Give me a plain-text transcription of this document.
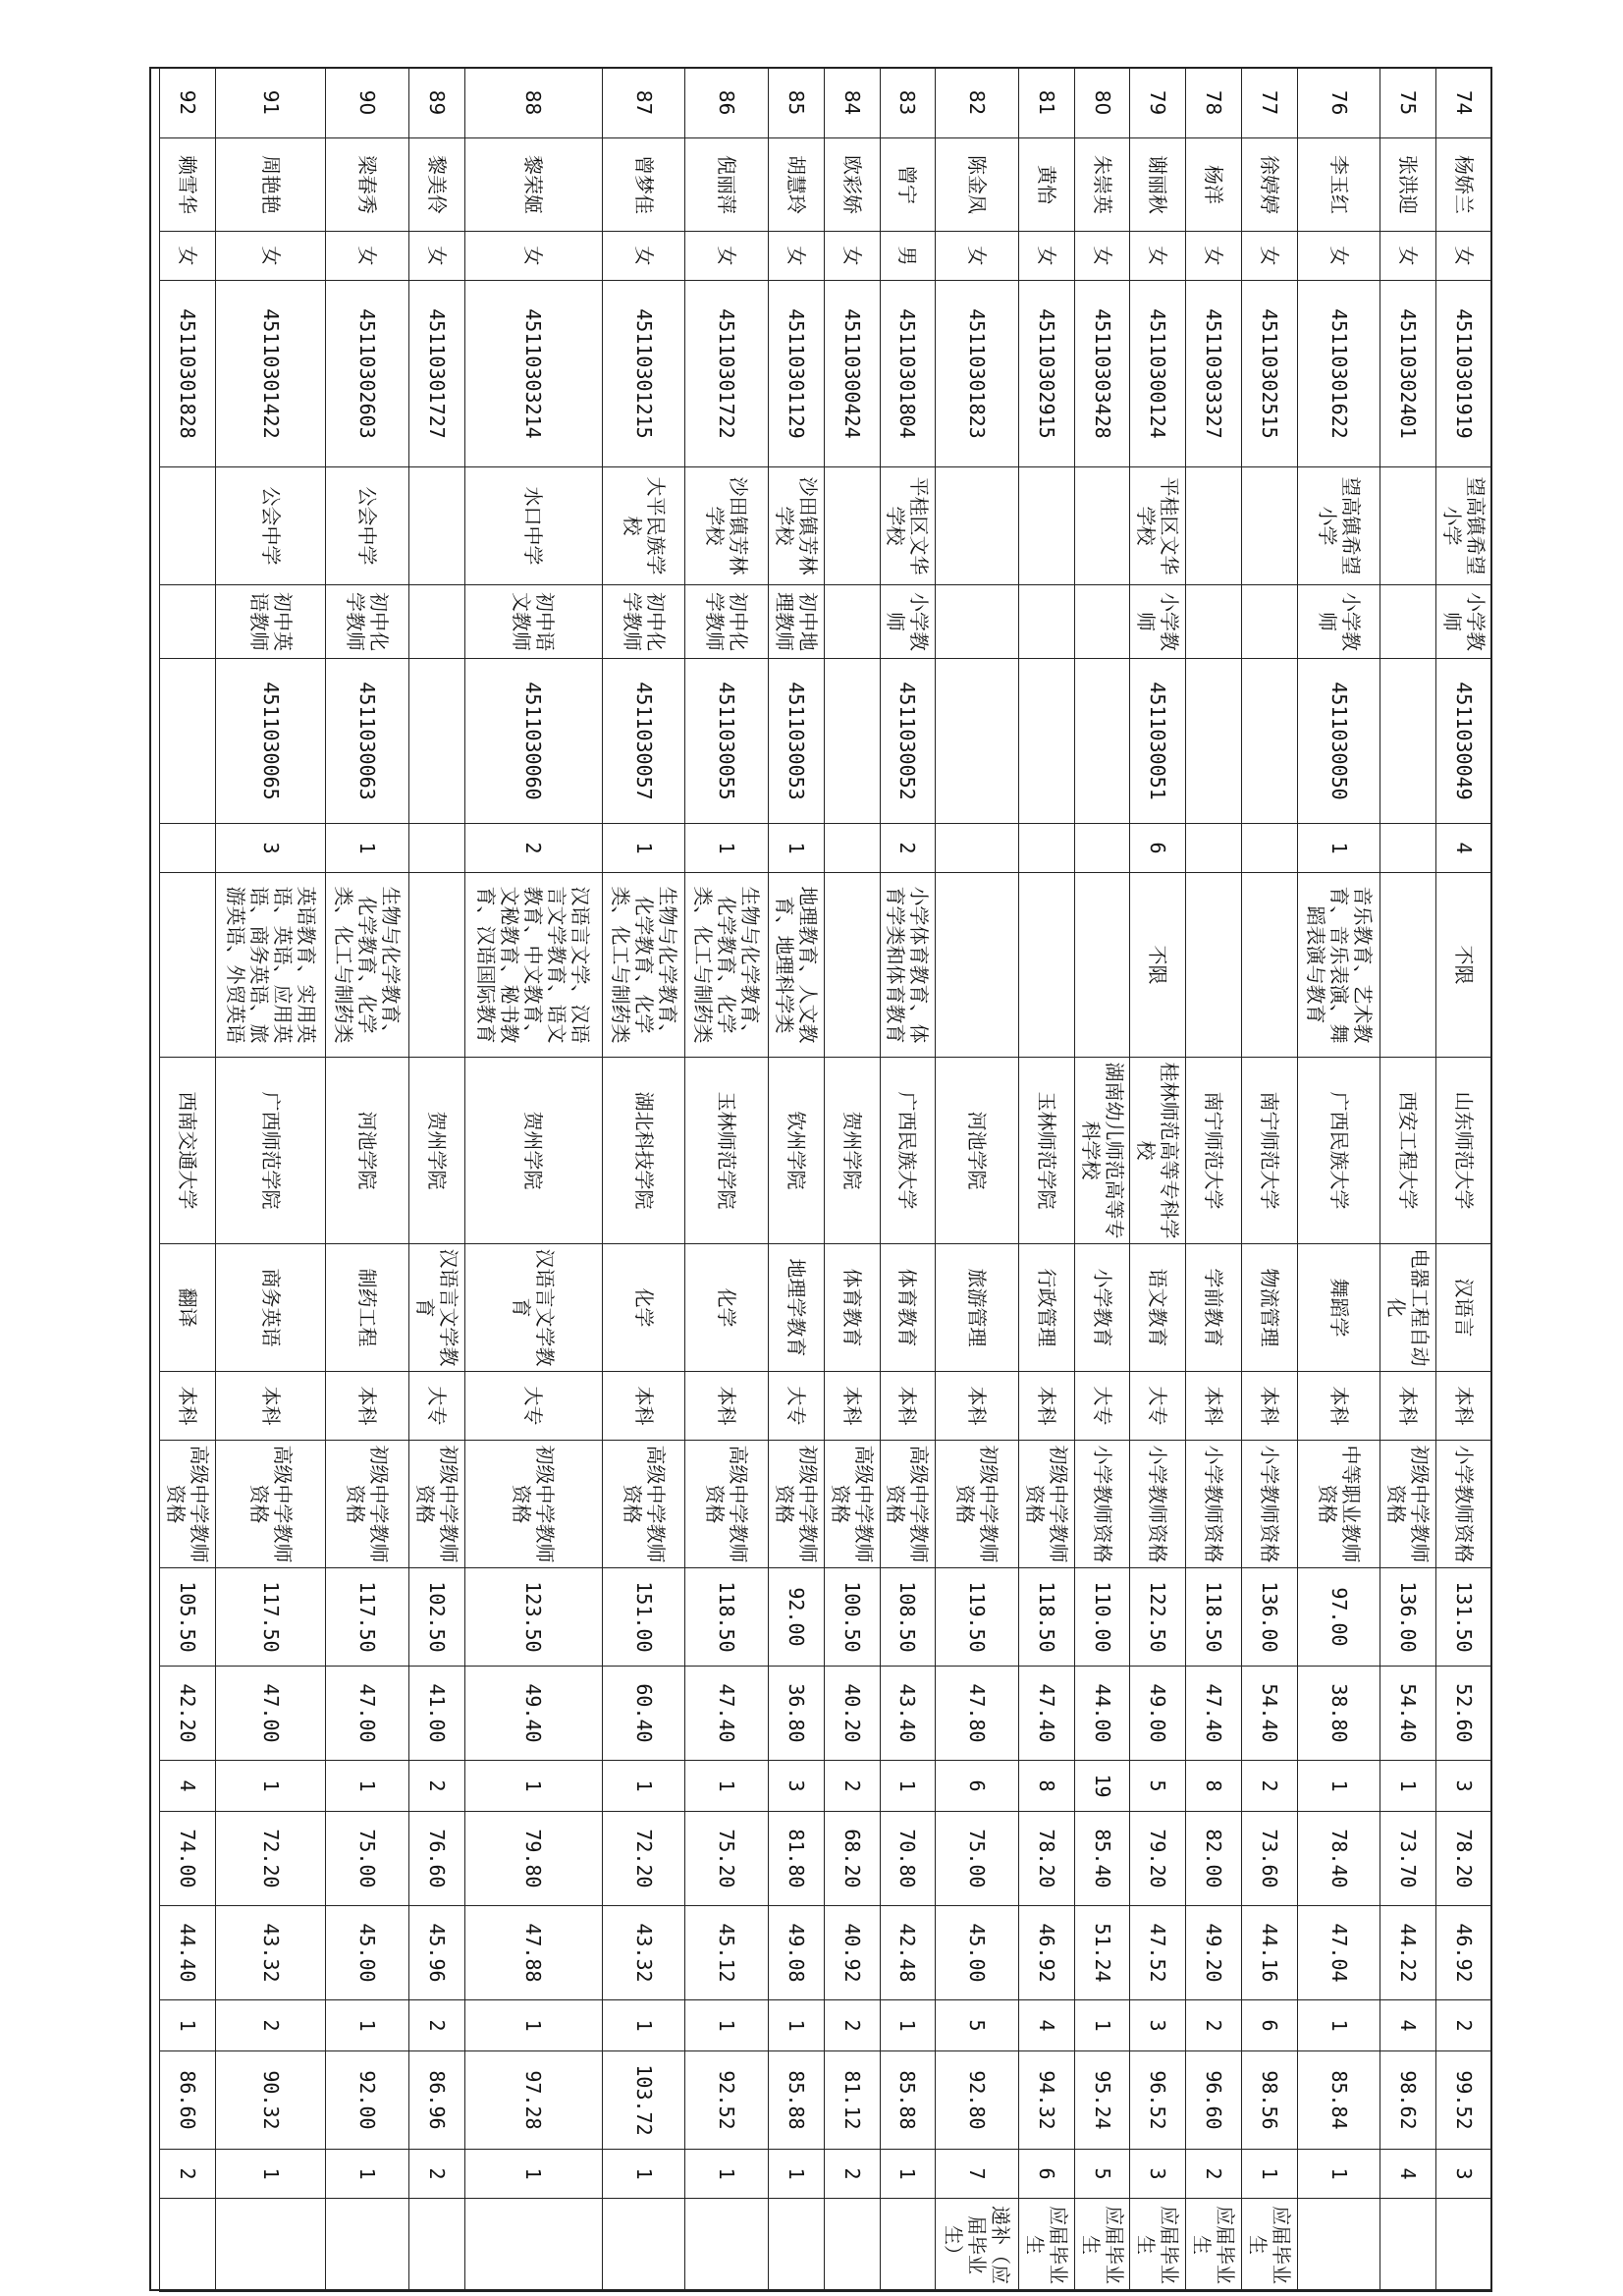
74	杨娇兰	女	45110301919	望高镇希望小学	小学教师	4511030049	4	不限	山东师范大学	汉语言	本科	小学教师资格	131.50	52.60	3	78.20	46.92	2	99.52	3	
75	张洪迎	女	45110302401						西安工程大学	电器工程自动化	本科	初级中学教师资格	136.00	54.40	1	73.70	44.22	4	98.62	4	
76	李玉红	女	45110301622	望高镇希望小学	小学教师	4511030050	1	音乐教育、艺术教育、音乐表演、舞蹈表演与教育	广西民族大学	舞蹈学	本科	中等职业教师资格	97.00	38.80	1	78.40	47.04	1	85.84	1	
77	徐婷婷	女	45110302515						南宁师范大学	物流管理	本科	小学教师资格	136.00	54.40	2	73.60	44.16	6	98.56	1	应届毕业生
78	杨洋	女	45110303327						南宁师范大学	学前教育	本科	小学教师资格	118.50	47.40	8	82.00	49.20	2	96.60	2	应届毕业生
79	谢丽秋	女	45110300124	平桂区文华学校	小学教师	4511030051	6	不限	桂林师范高等专科学校	语文教育	大专	小学教师资格	122.50	49.00	5	79.20	47.52	3	96.52	3	应届毕业生
80	朱崇英	女	45110303428						湖南幼儿师范高等专科学校	小学教育	大专	小学教师资格	110.00	44.00	19	85.40	51.24	1	95.24	5	应届毕业生
81	黄怡	女	45110302915						玉林师范学院	行政管理	本科	初级中学教师资格	118.50	47.40	8	78.20	46.92	4	94.32	6	应届毕业生
82	陈金凤	女	45110301823						河池学院	旅游管理	本科	初级中学教师资格	119.50	47.80	6	75.00	45.00	5	92.80	7	递补（应届毕业生）
83	曾宁	男	45110301804	平桂区文华学校	小学教师	4511030052	2	小学体育教育、体育学类和体育教育	广西民族大学	体育教育	本科	高级中学教师资格	108.50	43.40	1	70.80	42.48	1	85.88	1	
84	欧彩娇	女	45110300424						贺州学院	体育教育	本科	高级中学教师资格	100.50	40.20	2	68.20	40.92	2	81.12	2	
85	胡慧玲	女	45110301129	沙田镇芳林学校	初中地理教师	4511030053	1	地理教育、人文教育、地理科学类	钦州学院	地理学教育	大专	初级中学教师资格	92.00	36.80	3	81.80	49.08	1	85.88	1	
86	倪丽萍	女	45110301722	沙田镇芳林学校	初中化学教师	4511030055	1	生物与化学教育、化学教育、化学类、化工与制药类	玉林师范学院	化学	本科	高级中学教师资格	118.50	47.40	1	75.20	45.12	1	92.52	1	
87	曾梦佳	女	45110301215	大平民族学校	初中化学教师	4511030057	1	生物与化学教育、化学教育、化学类、化工与制药类	湖北科技学院	化学	本科	高级中学教师资格	151.00	60.40	1	72.20	43.32	1	103.72	1	
88	黎荣姬	女	45110303214	水口中学	初中语文教师	4511030060	2	汉语言文学、汉语言文学教育、语文教育、中文教育、文秘教育、秘书教育、汉语国际教育	贺州学院	汉语言文学教育	大专	初级中学教师资格	123.50	49.40	1	79.80	47.88	1	97.28	1	
89	黎美伶	女	45110301727						贺州学院	汉语言文学教育	大专	初级中学教师资格	102.50	41.00	2	76.60	45.96	2	86.96	2	
90	梁春秀	女	45110302603	公会中学	初中化学教师	4511030063	1	生物与化学教育、化学教育、化学类、化工与制药类	河池学院	制药工程	本科	初级中学教师资格	117.50	47.00	1	75.00	45.00	1	92.00	1	
91	周艳艳	女	45110301422	公会中学	初中英语教师	4511030065	3	英语教育、实用英语、英语、应用英语、商务英语、旅游英语、外贸英语	广西师范学院	商务英语	本科	高级中学教师资格	117.50	47.00	1	72.20	43.32	2	90.32	1	
92	赖雪华	女	45110301828						西南交通大学	翻译	本科	高级中学教师资格	105.50	42.20	4	74.00	44.40	1	86.60	2	
